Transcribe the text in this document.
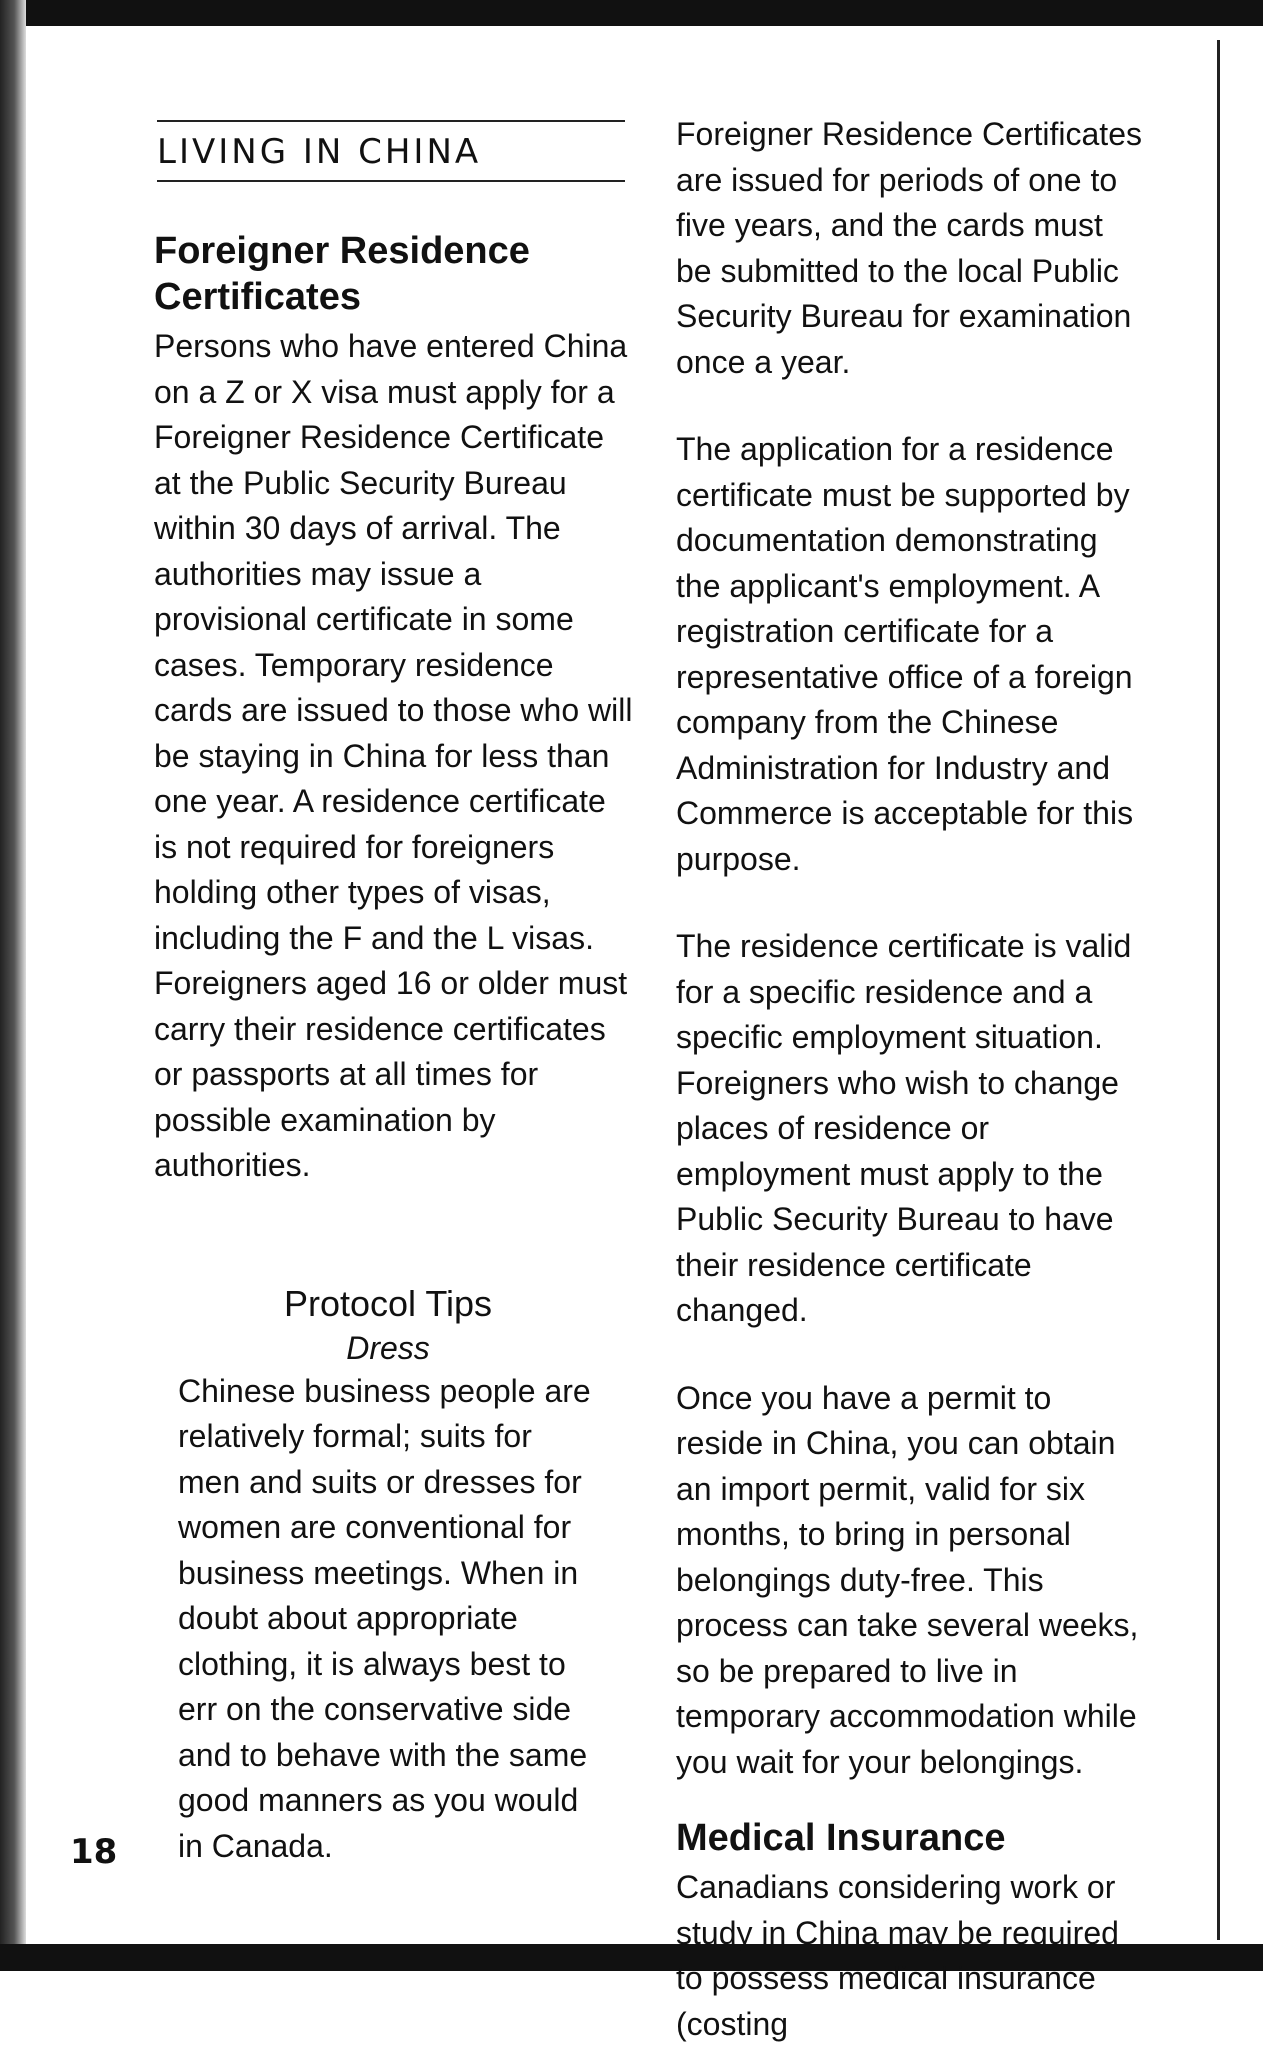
LIVING IN CHINA
Foreigner Residence Certificates

Persons who have entered China on a Z or X visa must apply for a Foreigner Residence Certificate at the Public Security Bureau within 30 days of arrival. The authorities may issue a provisional certificate in some cases. Temporary residence cards are issued to those who will be staying in China for less than one year. A residence certificate is not required for foreigners holding other types of visas, including the F and the L visas. Foreigners aged 16 or older must carry their residence certificates or passports at all times for possible examination by authorities.

Protocol Tips
Dress

Chinese business people are relatively formal; suits for men and suits or dresses for women are conventional for business meetings. When in doubt about appropriate clothing, it is always best to err on the conservative side and to behave with the same good manners as you would in Canada.

Foreigner Residence Certificates are issued for periods of one to five years, and the cards must be submitted to the local Public Security Bureau for examination once a year.

The application for a residence certificate must be supported by documentation demonstrating the applicant's employment. A registration certificate for a representative office of a foreign company from the Chinese Administration for Industry and Commerce is acceptable for this purpose.

The residence certificate is valid for a specific residence and a specific employment situation. Foreigners who wish to change places of residence or employment must apply to the Public Security Bureau to have their residence certificate changed.

Once you have a permit to reside in China, you can obtain an import permit, valid for six months, to bring in personal belongings duty-free. This process can take several weeks, so be prepared to live in temporary accommodation while you wait for your belongings.

Medical Insurance

Canadians considering work or study in China may be required to possess medical insurance (costing

18
